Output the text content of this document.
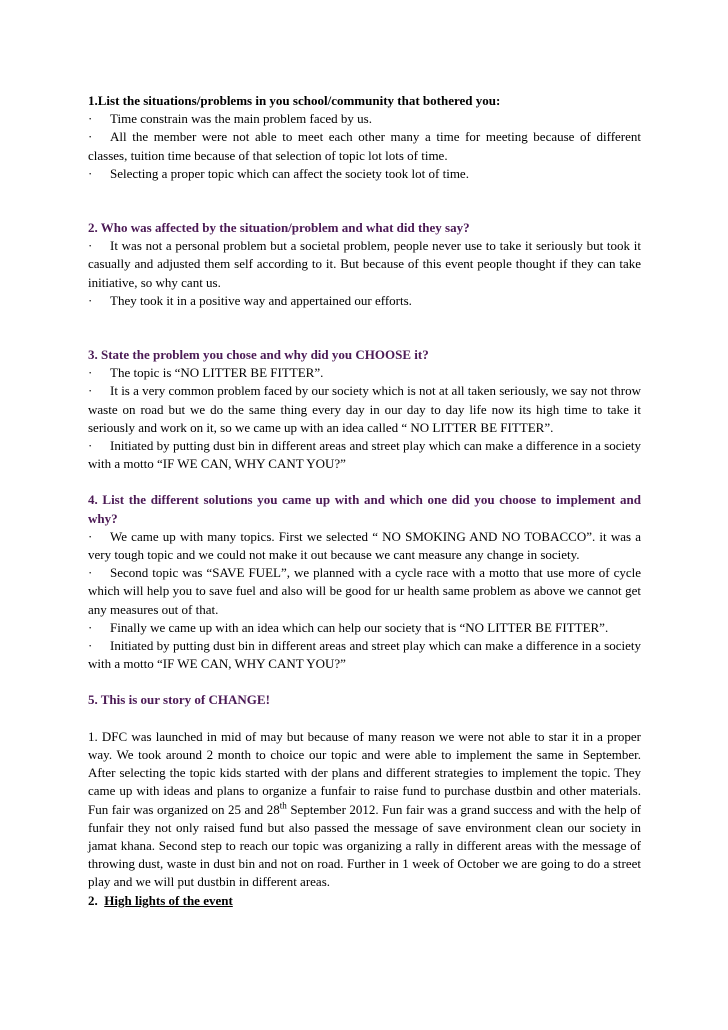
1.List the situations/problems in you school/community that bothered you:

· Time constrain was the main problem faced by us.

· All the member were not able to meet each other many a time for meeting because of different classes, tuition time because of that selection of topic lot lots of time.

· Selecting a proper topic which can affect the society took lot of time.

2. Who was affected by the situation/problem and what did they say?

· It was not a personal problem but a societal problem, people never use to take it seriously but took it casually and adjusted them self according to it. But because of this event people thought if they can take initiative, so why cant us.

· They took it in a positive way and appertained our efforts.

3. State the problem you chose and why did you CHOOSE it?

· The topic is “NO LITTER BE FITTER”.

· It is a very common problem faced by our society which is not at all taken seriously, we say not throw waste on road but we do the same thing every day in our day to day life now its high time to take it seriously and work on it, so we came up with an idea called “ NO LITTER BE FITTER”.

· Initiated by putting dust bin in different areas and street play which can make a difference in a society with a motto “IF WE CAN, WHY CANT YOU?”

4. List the different solutions you came up with and which one did you choose to implement and why?

· We came up with many topics. First we selected “ NO SMOKING AND NO TOBACCO”. it was a very tough topic and we could not make it out because we cant measure any change in society.

· Second topic was “SAVE FUEL”, we planned with a cycle race with a motto that use more of cycle which will help you to save fuel and also will be good for ur health same problem as above we cannot get any measures out of that.

· Finally we came up with an idea which can help our society that is “NO LITTER BE FITTER”.

· Initiated by putting dust bin in different areas and street play which can make a difference in a society with a motto “IF WE CAN, WHY CANT YOU?”

5. This is our story of CHANGE!

1. DFC was launched in mid of may but because of many reason we were not able to star it in a proper way. We took around 2 month to choice our topic and were able to implement the same in September. After selecting the topic kids started with der plans and different strategies to implement the topic. They came up with ideas and plans to organize a funfair to raise fund to purchase dustbin and other materials. Fun fair was organized on 25 and 28th September 2012. Fun fair was a grand success and with the help of funfair they not only raised fund but also passed the message of save environment clean our society in jamat khana. Second step to reach our topic was organizing a rally in different areas with the message of throwing dust, waste in dust bin and not on road. Further in 1 week of October we are going to do a street play and we will put dustbin in different areas.

2. High lights of the event
